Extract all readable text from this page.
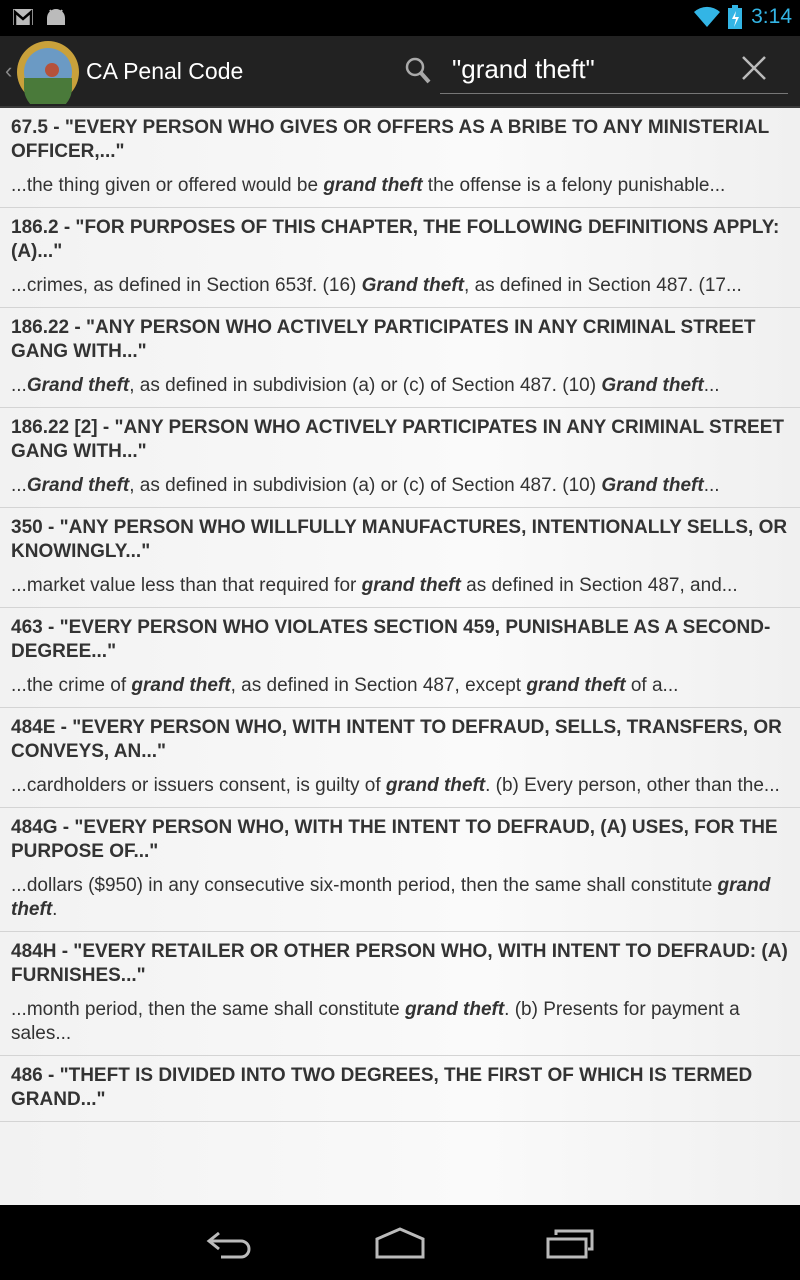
3:14
‹	CA Penal Code	"grand theft"
67.5 - "EVERY PERSON WHO GIVES OR OFFERS AS A BRIBE TO ANY MINISTERIAL OFFICER,..."

...the thing given or offered would be grand theft the offense is a felony punishable...

186.2 - "FOR PURPOSES OF THIS CHAPTER, THE FOLLOWING DEFINITIONS APPLY: (A)..."

...crimes, as defined in Section 653f. (16) Grand theft, as defined in Section 487. (17...

186.22 - "ANY PERSON WHO ACTIVELY PARTICIPATES IN ANY CRIMINAL STREET GANG WITH..."

...Grand theft, as defined in subdivision (a) or (c) of Section 487. (10) Grand theft...

186.22 [2] - "ANY PERSON WHO ACTIVELY PARTICIPATES IN ANY CRIMINAL STREET GANG WITH..."

...Grand theft, as defined in subdivision (a) or (c) of Section 487. (10) Grand theft...

350 - "ANY PERSON WHO WILLFULLY MANUFACTURES, INTENTIONALLY SELLS, OR KNOWINGLY..."

...market value less than that required for grand theft as defined in Section 487, and...

463 - "EVERY PERSON WHO VIOLATES SECTION 459, PUNISHABLE AS A SECOND-DEGREE..."

...the crime of grand theft, as defined in Section 487, except grand theft of a...

484E - "EVERY PERSON WHO, WITH INTENT TO DEFRAUD, SELLS, TRANSFERS, OR CONVEYS, AN..."

...cardholders or issuers consent, is guilty of grand theft. (b) Every person, other than the...

484G - "EVERY PERSON WHO, WITH THE INTENT TO DEFRAUD, (A) USES, FOR THE PURPOSE OF..."

...dollars ($950) in any consecutive six-month period, then the same shall constitute grand theft.

484H - "EVERY RETAILER OR OTHER PERSON WHO, WITH INTENT TO DEFRAUD: (A) FURNISHES..."

...month period, then the same shall constitute grand theft. (b) Presents for payment a sales...

486 - "THEFT IS DIVIDED INTO TWO DEGREES, THE FIRST OF WHICH IS TERMED GRAND..."
